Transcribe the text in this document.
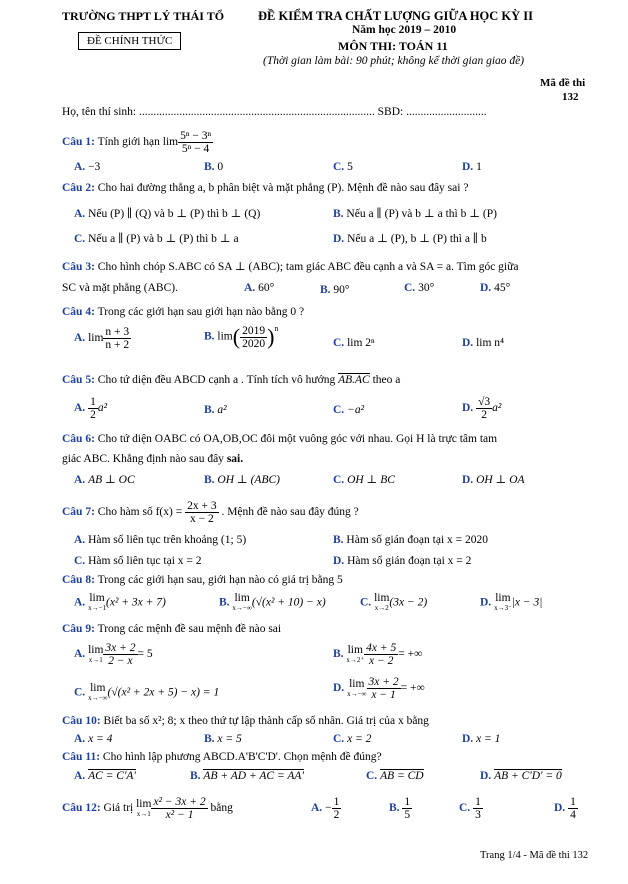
TRƯỜNG THPT LÝ THÁI TỔ
ĐỀ CHÍNH THỨC
ĐỀ KIỂM TRA CHẤT LƯỢNG GIỮA HỌC KỲ II
Năm học 2019 – 2010
MÔN THI: TOÁN 11
(Thời gian làm bài: 90 phút; không kể thời gian giao đề)
Mã đề thi
132
Họ, tên thí sinh: .................................................................................. SBD: ............................
Câu 1: Tính giới hạn $\lim \frac{\text{5ⁿ − 3ⁿ}}{\text{5ⁿ − 4}}$
A. −3	B. 0	C. 5	D. 1
Câu 2: Cho hai đường thẳng a, b phân biệt và mặt phẳng (P). Mệnh đề nào sau đây sai ?
A. Nếu (P) ∥ (Q) và b ⊥ (P) thì b ⊥ (Q)	B. Nếu a ∥ (P) và b ⊥ a thì b ⊥ (P)
C. Nếu a ∥ (P) và b ⊥ (P) thì b ⊥ a	D. Nếu a ⊥ (P), b ⊥ (P) thì a ∥ b
Câu 3: Cho hình chóp S.ABC có SA ⊥ (ABC); tam giác ABC đều cạnh a và SA = a. Tìm góc giữa
SC và mặt phẳng (ABC).	A. 60°	B. 90°	C. 30°	D. 45°
Câu 4: Trong các giới hạn sau giới hạn nào bằng 0 ?
A. $\lim \frac{n + 3}{n + 2}$	B. $\lim( \frac{2019}{2020} )^n$
C. lim 2ⁿ	D. lim n⁴
Câu 5: Cho tứ diện đều ABCD cạnh a . Tính tích vô hướng AB.AC theo a
A. $\frac{1}{2} a^2$	B. a²	C. −a²	D. $\frac{√3}{2} a^2$
Câu 6: Cho tứ diện OABC có OA,OB,OC đôi một vuông góc với nhau. Gọi H là trực tâm tam
giác ABC. Khẳng định nào sau đây sai.
A. AB ⊥ OC	B. OH ⊥ (ABC)	C. OH ⊥ BC	D. OH ⊥ OA
Câu 7: Cho hàm số $f(x) = \frac{2x + 3}{x - 2}$ . Mệnh đề nào sau đây đúng ?
A. Hàm số liên tục trên khoảng (1; 5)	B. Hàm số gián đoạn tại x = 2020
C. Hàm số liên tục tại x = 2	D. Hàm số gián đoạn tại x = 2
Câu 8: Trong các giới hạn sau, giới hạn nào có giá trị bằng 5
A. lim
x→−1 (x² + 3x + 7)	B. lim
x→−∞ (√(x² + 10) − x)	C. lim
x→2 (3x − 2)	D. lim
x→3⁻ |x − 3|
Câu 9: Trong các mệnh đề sau mệnh đề nào sai
A. lim
$x\to 1 \frac{3x + 2}{2 - x} = 5$	B. lim
$x\to 2^+ \frac{4x + 5}{x - 2}$ = +∞
C. lim
x→−∞ (√(x² + 2x + 5) − x) = 1	D. lim
$x\to-\infty \frac{3x + 2}{x - 1}$ = +∞
Câu 10: Biết ba số x²; 8; x theo thứ tự lập thành cấp số nhân. Giá trị của x bằng
A. x = 4	B. x = 5	C. x = 2	D. x = 1
Câu 11: Cho hình lập phương ABCD.A'B'C'D'. Chọn mệnh đề đúng?
A. AC = C'A'	B. AB + AD + AC = AA'	C. AB = CD	D. AB + C'D' = 0
Câu 12: Giá trị lim
$x\to 1 \frac{\text{x² − 3x + 2}}{\text{x² − 1}}$ bằng	A. − $\frac{1}{2}$	B. $\frac{1}{5}$	C. $\frac{1}{3}$	D. $\frac{1}{4}$
Trang 1/4 - Mã đề thi 132
